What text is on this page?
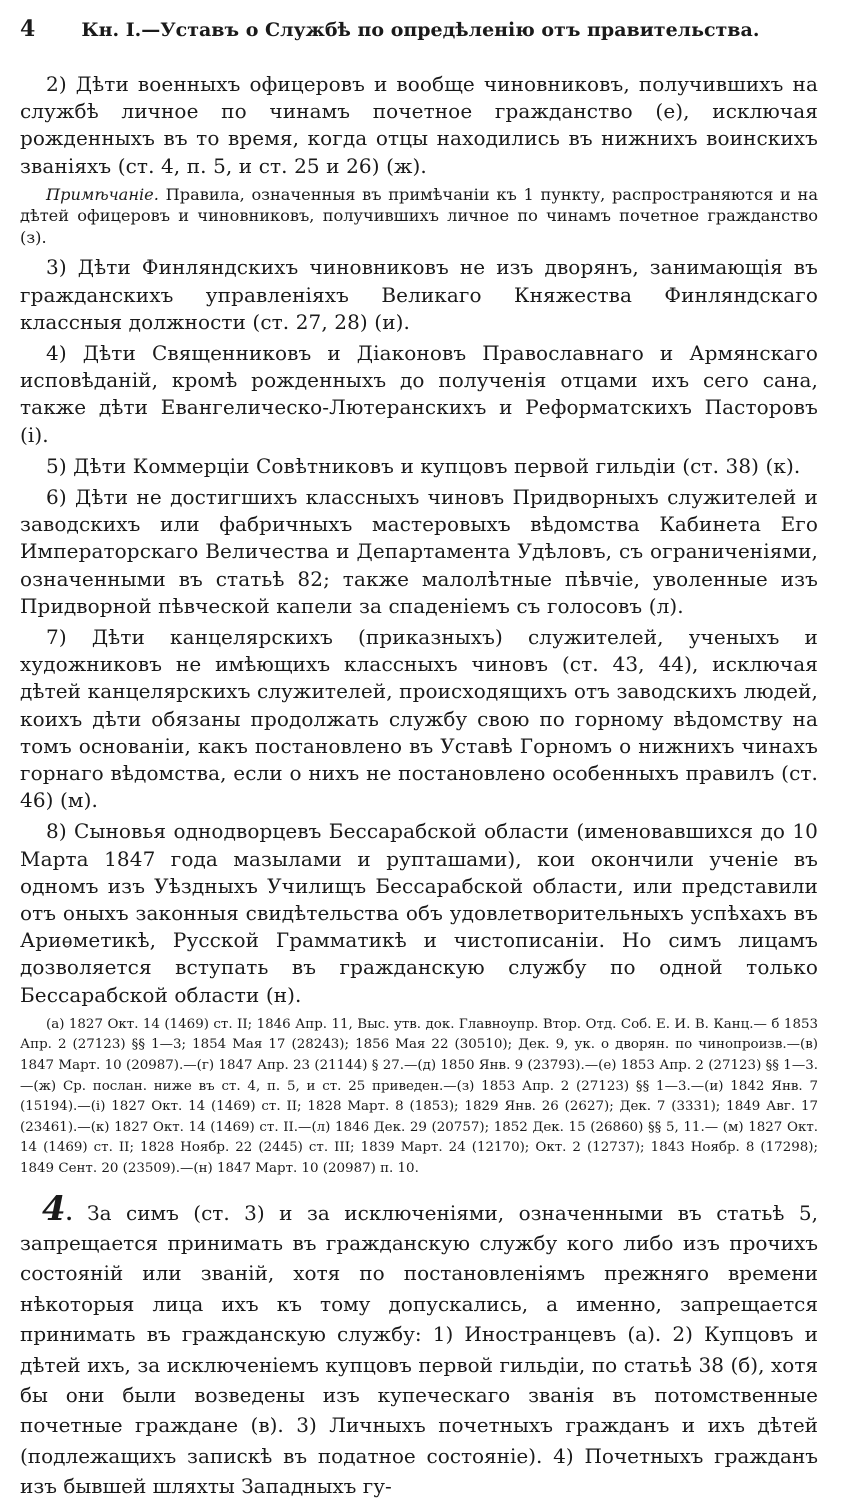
4 Кн. I.—Уставъ о Службѣ по опредѣленію отъ правительства.

2) Дѣти военныхъ офицеровъ и вообще чиновниковъ, получившихъ на службѣ личное по чинамъ почетное гражданство (е), исключая рожденныхъ въ то время, когда отцы находились въ нижнихъ воинскихъ званіяхъ (ст. 4, п. 5, и ст. 25 и 26) (ж).

Примѣчаніе. Правила, означенныя въ примѣчаніи къ 1 пункту, распространяются и на дѣтей офицеровъ и чиновниковъ, получившихъ личное по чинамъ почетное гражданство (з).

3) Дѣти Финляндскихъ чиновниковъ не изъ дворянъ, занимающія въ гражданскихъ управленіяхъ Великаго Княжества Финляндскаго классныя должности (ст. 27, 28) (и).

4) Дѣти Священниковъ и Діаконовъ Православнаго и Армянскаго исповѣданій, кромѣ рожденныхъ до полученія отцами ихъ сего сана, также дѣти Евангелическо-Лютеранскихъ и Реформатскихъ Пасторовъ (і).

5) Дѣти Коммерціи Совѣтниковъ и купцовъ первой гильдіи (ст. 38) (к).

6) Дѣти не достигшихъ классныхъ чиновъ Придворныхъ служителей и заводскихъ или фабричныхъ мастеровыхъ вѣдомства Кабинета Его Императорскаго Величества и Департамента Удѣловъ, съ ограниченіями, означенными въ статьѣ 82; также малолѣтные пѣвчіе, уволенные изъ Придворной пѣвческой капели за спаденіемъ съ голосовъ (л).

7) Дѣти канцелярскихъ (приказныхъ) служителей, ученыхъ и художниковъ не имѣющихъ классныхъ чиновъ (ст. 43, 44), исключая дѣтей канцелярскихъ служителей, происходящихъ отъ заводскихъ людей, коихъ дѣти обязаны продолжать службу свою по горному вѣдомству на томъ основаніи, какъ постановлено въ Уставѣ Горномъ о нижнихъ чинахъ горнаго вѣдомства, если о нихъ не постановлено особенныхъ правилъ (ст. 46) (м).

8) Сыновья однодворцевъ Бессарабской области (именовавшихся до 10 Марта 1847 года мазылами и рупташами), кои окончили ученіе въ одномъ изъ Уѣздныхъ Училищъ Бессарабской области, или представили отъ оныхъ законныя свидѣтельства объ удовлетворительныхъ успѣхахъ въ Ариѳметикѣ, Русской Грамматикѣ и чистописаніи. Но симъ лицамъ дозволяется вступать въ гражданскую службу по одной только Бессарабской области (н).

(а) 1827 Окт. 14 (1469) ст. II; 1846 Апр. 11, Выс. утв. док. Главноупр. Втор. Отд. Соб. Е. И. В. Канц.— б 1853 Апр. 2 (27123) §§ 1—3; 1854 Мая 17 (28243); 1856 Мая 22 (30510); Дек. 9, ук. о дворян. по чинопроизв.—(в) 1847 Март. 10 (20987).—(г) 1847 Апр. 23 (21144) § 27.—(д) 1850 Янв. 9 (23793).—(е) 1853 Апр. 2 (27123) §§ 1—3.—(ж) Ср. послан. ниже въ ст. 4, п. 5, и ст. 25 приведен.—(з) 1853 Апр. 2 (27123) §§ 1—3.—(и) 1842 Янв. 7 (15194).—(і) 1827 Окт. 14 (1469) ст. II; 1828 Март. 8 (1853); 1829 Янв. 26 (2627); Дек. 7 (3331); 1849 Авг. 17 (23461).—(к) 1827 Окт. 14 (1469) ст. II.—(л) 1846 Дек. 29 (20757); 1852 Дек. 15 (26860) §§ 5, 11.— (м) 1827 Окт. 14 (1469) ст. II; 1828 Ноябр. 22 (2445) ст. III; 1839 Март. 24 (12170); Окт. 2 (12737); 1843 Ноябр. 8 (17298); 1849 Сент. 20 (23509).—(н) 1847 Март. 10 (20987) п. 10.

4. За симъ (ст. 3) и за исключеніями, означенными въ статьѣ 5, запрещается принимать въ гражданскую службу кого либо изъ прочихъ состояній или званій, хотя по постановленіямъ прежняго времени нѣкоторыя лица ихъ къ тому допускались, а именно, запрещается принимать въ гражданскую службу: 1) Иностранцевъ (а). 2) Купцовъ и дѣтей ихъ, за исключеніемъ купцовъ первой гильдіи, по статьѣ 38 (б), хотя бы они были возведены изъ купеческаго званія въ потомственные почетные граждане (в). 3) Личныхъ почетныхъ гражданъ и ихъ дѣтей (подлежащихъ запискѣ въ податное состояніе). 4) Почетныхъ гражданъ изъ бывшей шляхты Западныхъ гу-
